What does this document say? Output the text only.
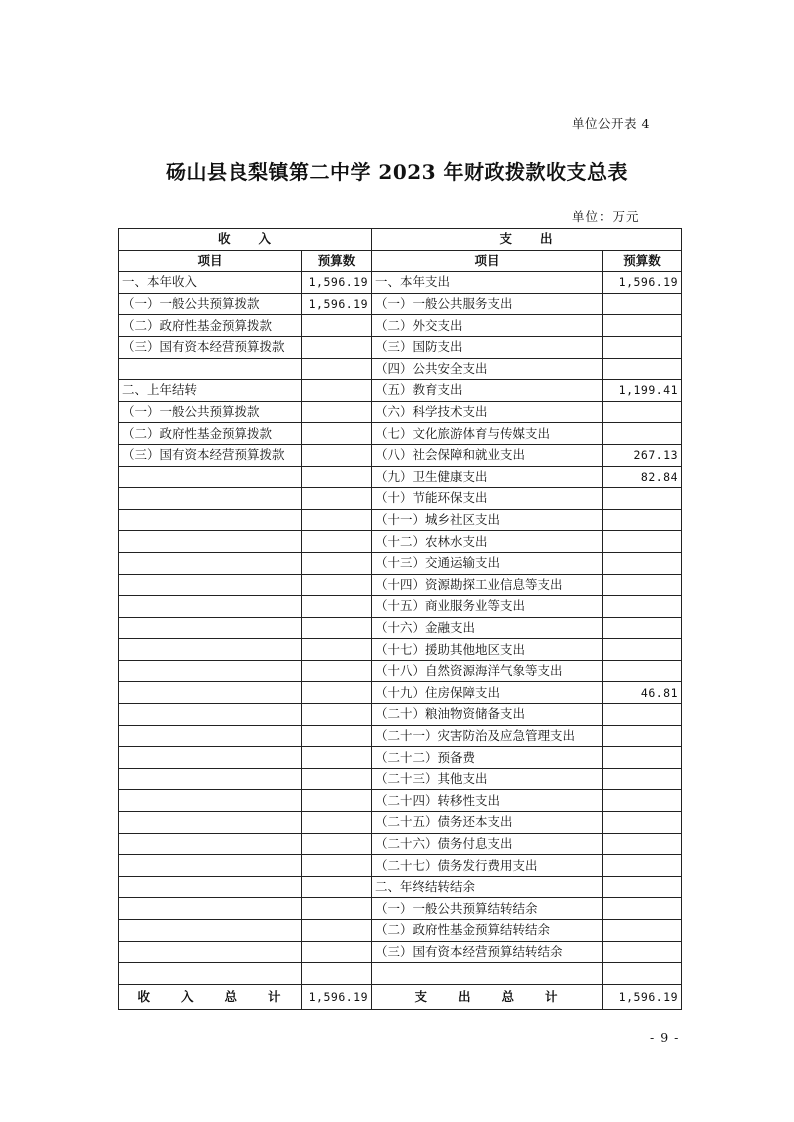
单位公开表 4
砀山县良梨镇第二中学 2023 年财政拨款收支总表
单位：万元
收　　入		支　　出	
项目	预算数	项目	预算数
一、本年收入	1,596.19	一、本年支出	1,596.19
（一）一般公共预算拨款	1,596.19	（一）一般公共服务支出	
（二）政府性基金预算拨款		（二）外交支出	
（三）国有资本经营预算拨款		（三）国防支出	
		（四）公共安全支出	
二、上年结转		（五）教育支出	1,199.41
（一）一般公共预算拨款		（六）科学技术支出	
（二）政府性基金预算拨款		（七）文化旅游体育与传媒支出	
（三）国有资本经营预算拨款		（八）社会保障和就业支出	267.13
		（九）卫生健康支出	82.84
		（十）节能环保支出	
		（十一）城乡社区支出	
		（十二）农林水支出	
		（十三）交通运输支出	
		（十四）资源勘探工业信息等支出	
		（十五）商业服务业等支出	
		（十六）金融支出	
		（十七）援助其他地区支出	
		（十八）自然资源海洋气象等支出	
		（十九）住房保障支出	46.81
		（二十）粮油物资储备支出	
		（二十一）灾害防治及应急管理支出	
		（二十二）预备费	
		（二十三）其他支出	
		（二十四）转移性支出	
		（二十五）债务还本支出	
		（二十六）债务付息支出	
		（二十七）债务发行费用支出	
		二、年终结转结余	
		（一）一般公共预算结转结余	
		（二）政府性基金预算结转结余	
		（三）国有资本经营预算结转结余	

收　　入　　总　　计	1,596.19	支　　出　　总　　计	1,596.19
- 9 -
